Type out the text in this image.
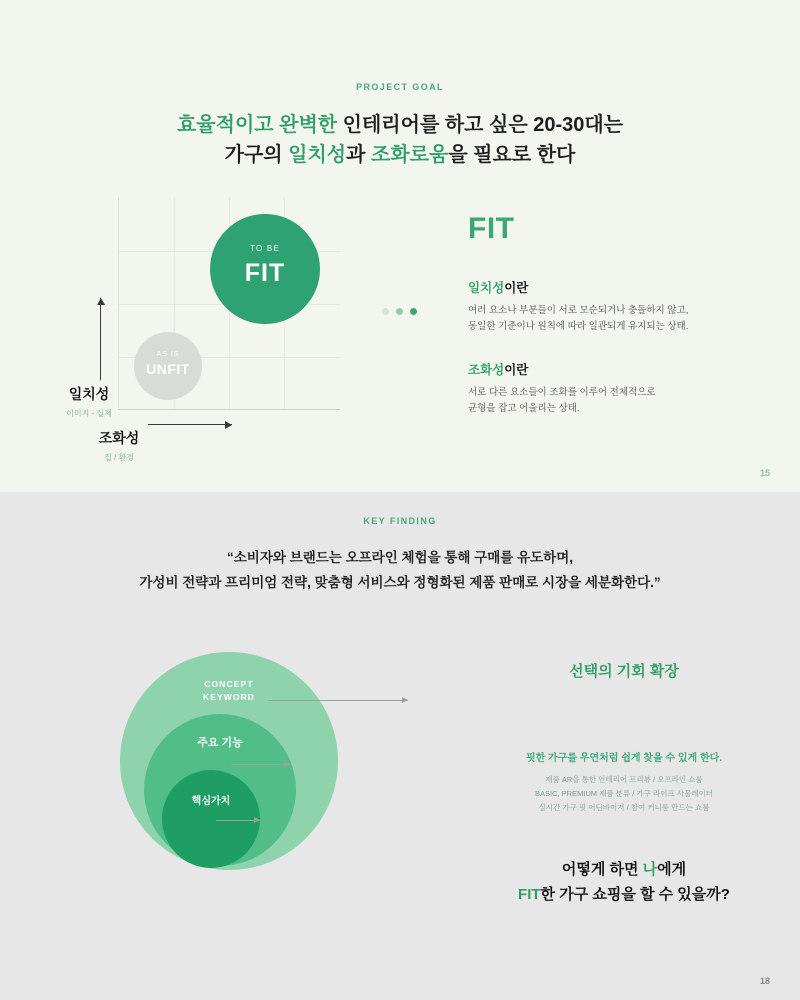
PROJECT GOAL
효율적이고 완벽한 인테리어를 하고 싶은 20-30대는
가구의 일치성과 조화로움을 필요로 한다
TO BE
FIT
AS IS
UNFIT
일치성
이미지 - 실제
조화성
집 / 환경
FIT
일치성이란
여러 요소나 부분들이 서로 모순되거나 충돌하지 않고,
동일한 기준이나 원칙에 따라 일관되게 유지되는 상태.
조화성이란
서로 다른 요소들이 조화를 이루어 전체적으로
균형을 잡고 어울리는 상태.
15
KEY FINDING
“소비자와 브랜드는 오프라인 체험을 통해 구매를 유도하며,
가성비 전략과 프리미엄 전략, 맞춤형 서비스와 정형화된 제품 판매로 시장을 세분화한다.”
CONCEPT
KEYWORD
주요 기능
핵심가치
선택의 기회 확장
핏한 가구를 우연처럼 쉽게 찾을 수 있게 한다.
제품 AR을 통한 인테리어 프리뷰 / 오프라인 쇼룸
BASIC, PREMIUM 제품 분류 / 가구 라이프 사물레이터
실시간 가구 핏 어딘바이저 / 참여 커니룸 만드는 쇼룸
어떻게 하면 나에게
FIT한 가구 쇼핑을 할 수 있을까?
18
